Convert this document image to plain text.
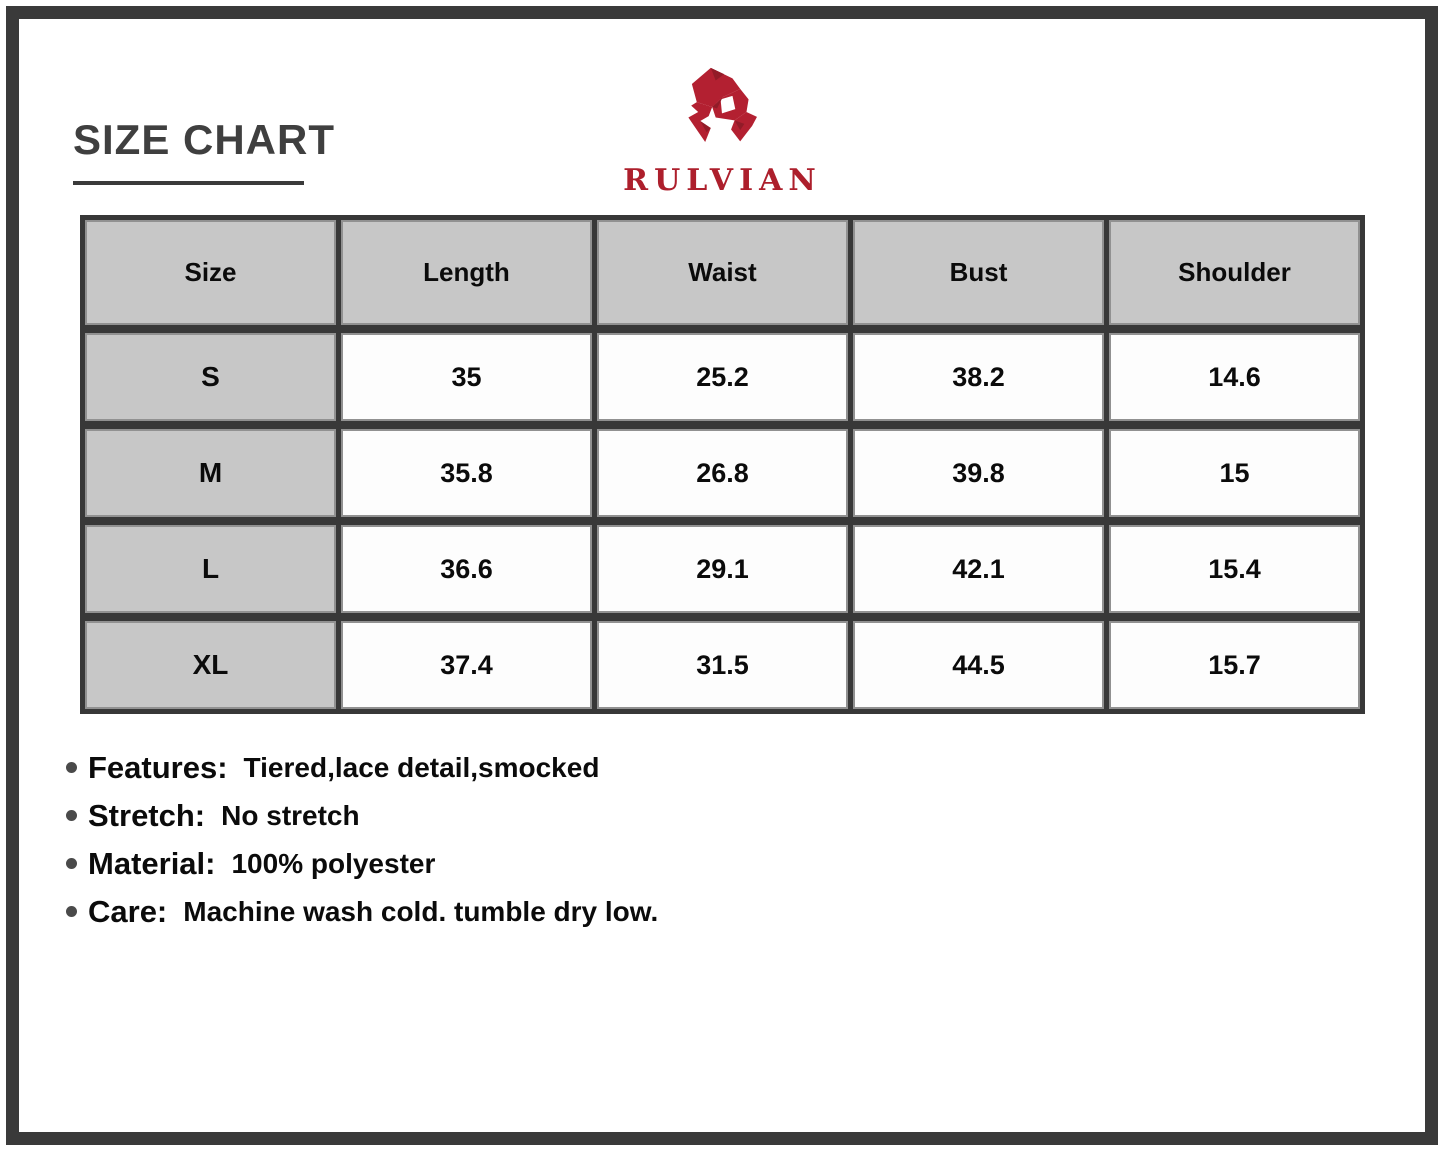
SIZE CHART
RULVIAN
Size	Length	Waist	Bust	Shoulder
S	35	25.2	38.2	14.6
M	35.8	26.8	39.8	15
L	36.6	29.1	42.1	15.4
XL	37.4	31.5	44.5	15.7
Features: Tiered,lace detail,smocked
Stretch: No stretch
Material: 100% polyester
Care: Machine wash cold. tumble dry low.
